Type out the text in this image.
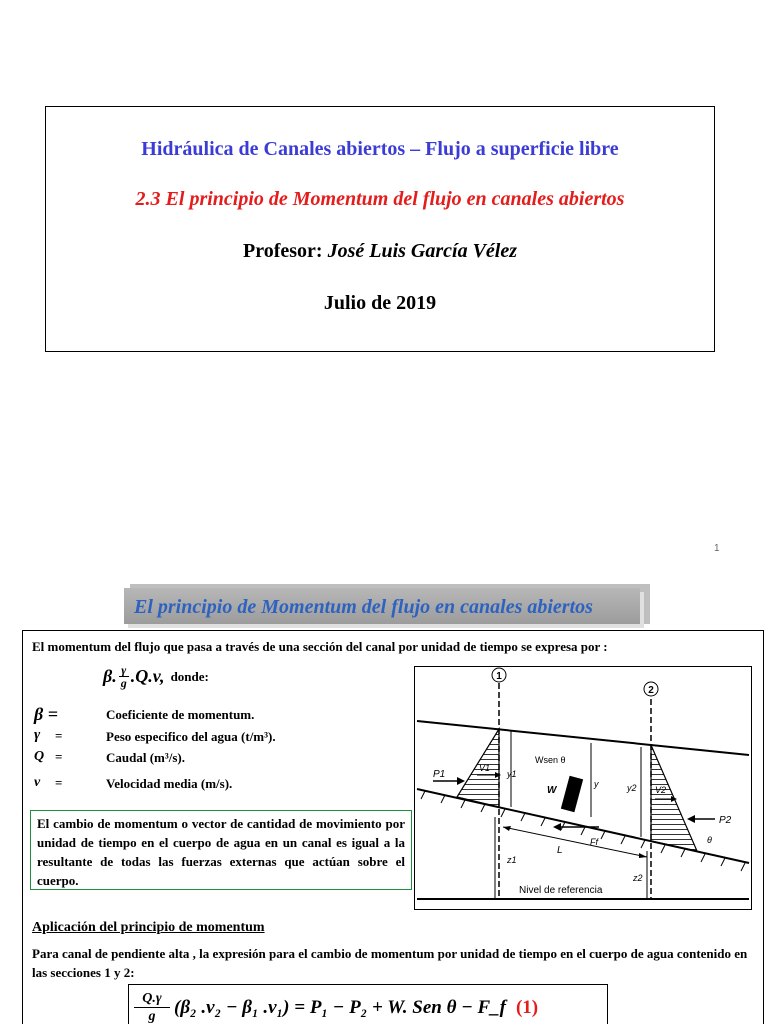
Hidráulica de Canales abiertos – Flujo a superficie libre
2.3 El principio de Momentum del flujo en canales abiertos
Profesor: José Luis García Vélez
Julio de 2019
1
El principio de Momentum del flujo en canales abiertos
El momentum del flujo que pasa a través de una sección del canal por unidad de tiempo se expresa por :
β. $\frac{\gamma}{g} .Q.v$, donde:
β =	Coeficiente de momentum.
γ =	Peso especifico del agua (t/m³).
Q =	Caudal (m³/s).
v =	Velocidad media (m/s).
El cambio de momentum o vector de cantidad de movimiento por unidad de tiempo en el cuerpo de agua en un canal es igual a la resultante de todas las fuerzas externas que actúan sobre el cuerpo.
1
2
P1
V1
y1
Wsen θ
W
y
Ff
y2 V2
P2
L
z1
z2
θ
Nivel de referencia
Aplicación del principio de momentum
Para canal de pendiente alta , la expresión para el cambio de momentum por unidad de tiempo en el cuerpo de agua contenido en las secciones 1 y 2:
Q.γ
g (β₂ .v₂ − β₁ .v₁) = P₁ − P₂ + W. Sen θ − F_f (1)
